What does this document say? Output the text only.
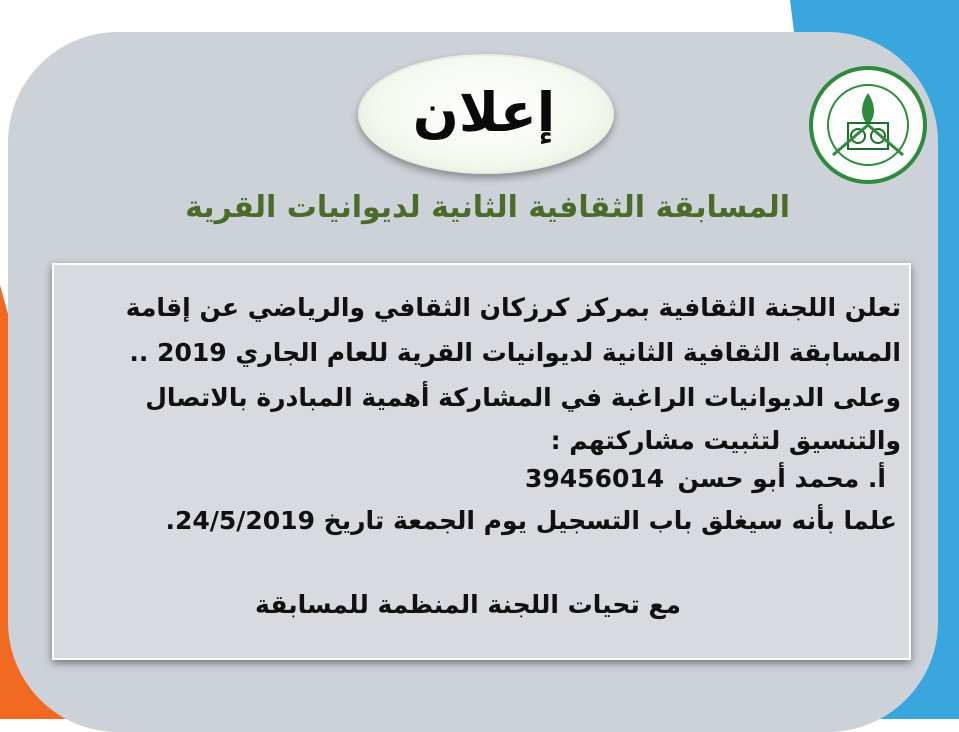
إعلان
المسابقة الثقافية الثانية لديوانيات القرية
تعلن اللجنة الثقافية بمركز كرزكان الثقافي والرياضي عن إقامة
المسابقة الثقافية الثانية لديوانيات القرية للعام الجاري 2019 ..
وعلى الديوانيات الراغبة في المشاركة أهمية المبادرة بالاتصال
والتنسيق لتثبيت مشاركتهم :
أ. محمد أبو حسن
39456014
علما بأنه سيغلق باب التسجيل يوم الجمعة تاريخ 24/5/2019.
مع تحيات اللجنة المنظمة للمسابقة
